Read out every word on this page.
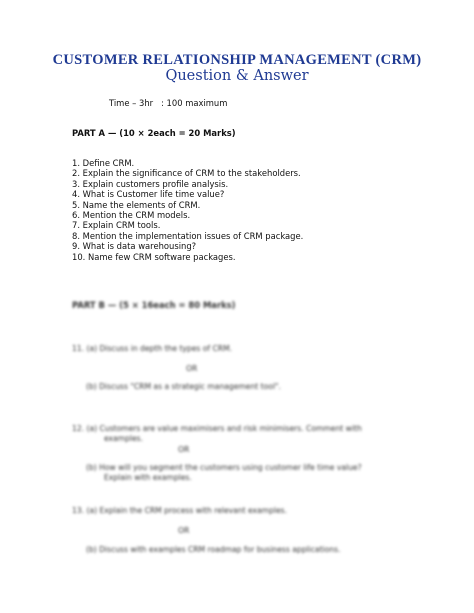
CUSTOMER RELATIONSHIP MANAGEMENT (CRM)
Question & Answer
Time – 3hr   : 100 maximum
PART A — (10 × 2each = 20 Marks)
1. Define CRM.
2. Explain the significance of CRM to the stakeholders.
3. Explain customers profile analysis.
4. What is Customer life time value?
5. Name the elements of CRM.
6. Mention the CRM models.
7. Explain CRM tools.
8. Mention the implementation issues of CRM package.
9. What is data warehousing?
10. Name few CRM software packages.
PART B — (5 × 16each = 80 Marks)
11. (a) Discuss in depth the types of CRM.
OR
(b) Discuss "CRM as a strategic management tool".
12. (a) Customers are value maximisers and risk minimisers. Comment with
examples.
OR
(b) How will you segment the customers using customer life time value?
Explain with examples.
13. (a) Explain the CRM process with relevant examples.
OR
(b) Discuss with examples CRM roadmap for business applications.
